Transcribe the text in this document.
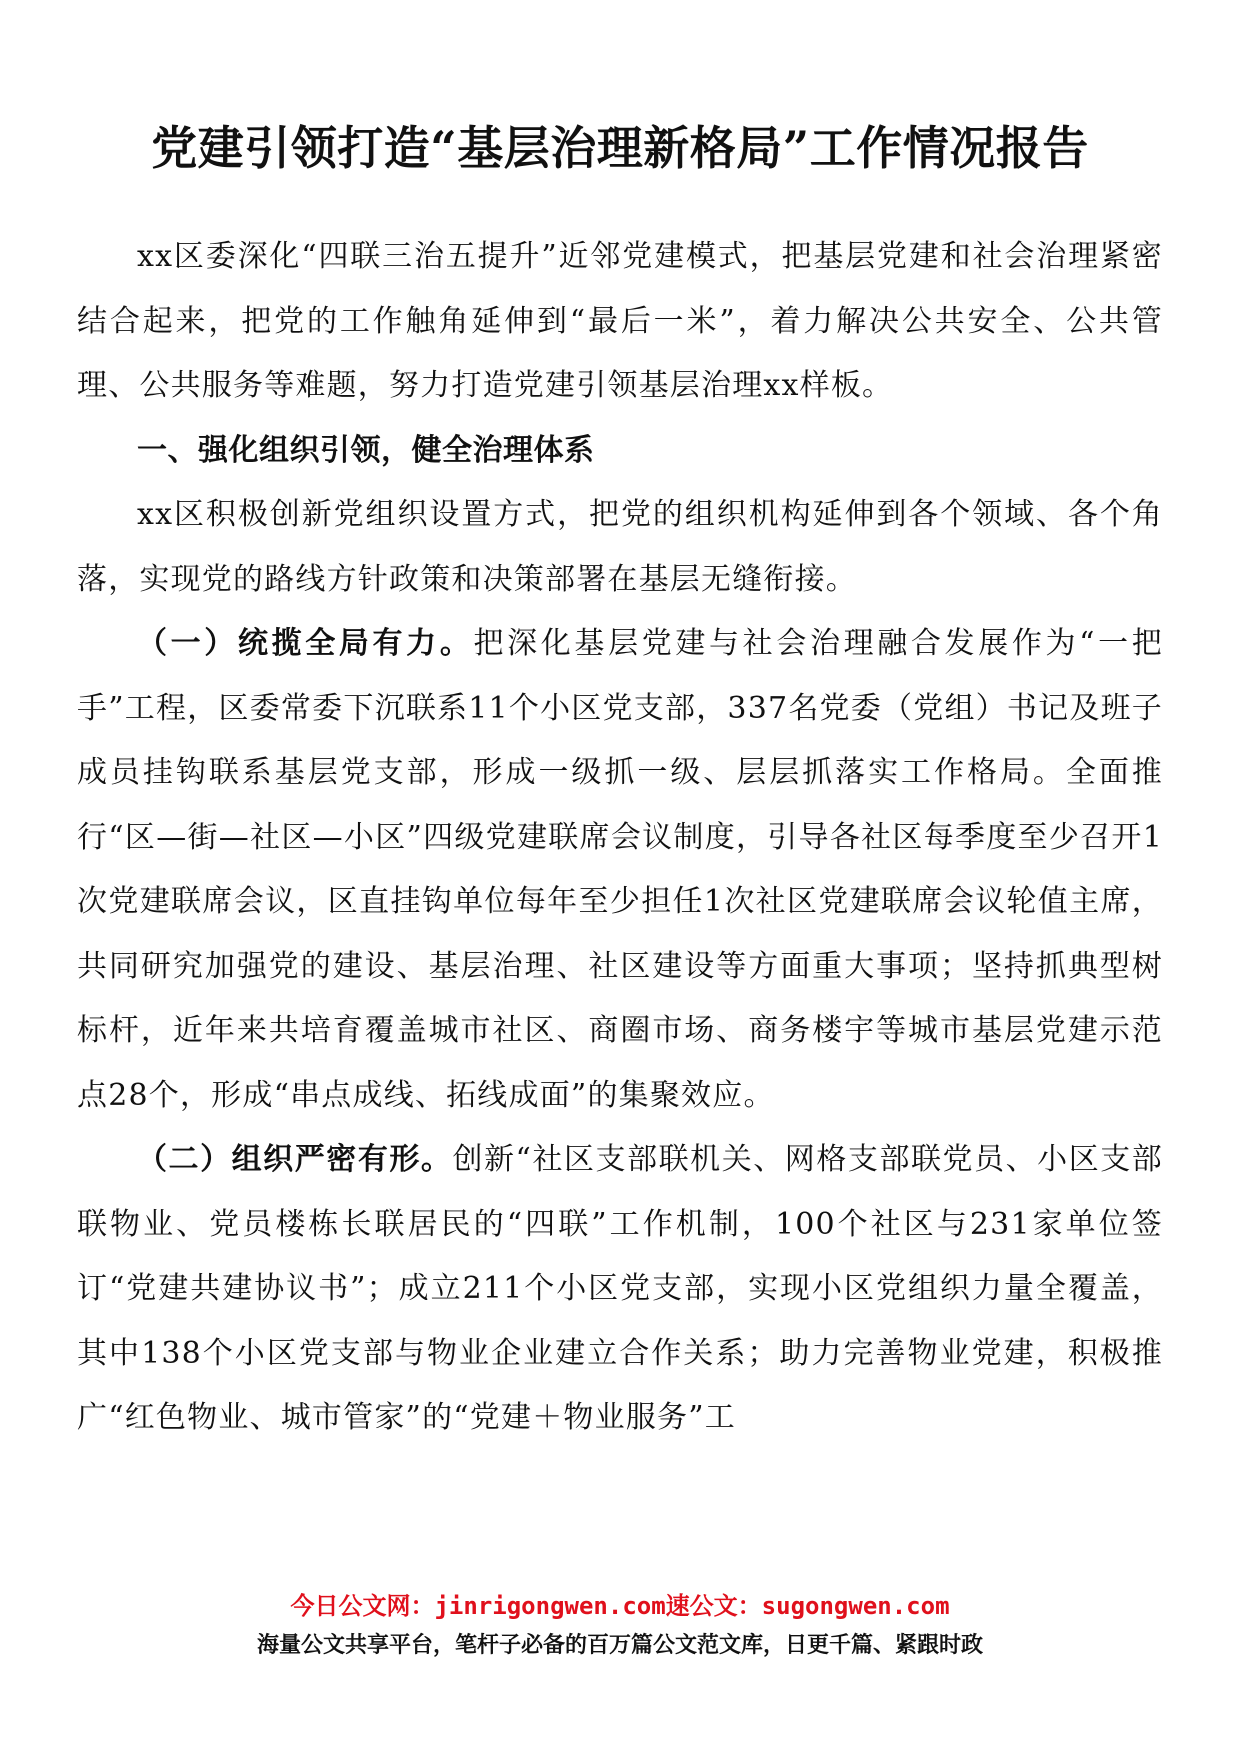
党建引领打造“基层治理新格局”工作情况报告

xx区委深化“四联三治五提升”近邻党建模式，把基层党建和社会治理紧密结合起来，把党的工作触角延伸到“最后一米”，着力解决公共安全、公共管理、公共服务等难题，努力打造党建引领基层治理xx样板。

一、强化组织引领，健全治理体系

xx区积极创新党组织设置方式，把党的组织机构延伸到各个领域、各个角落，实现党的路线方针政策和决策部署在基层无缝衔接。

（一）统揽全局有力。把深化基层党建与社会治理融合发展作为“一把手”工程，区委常委下沉联系11个小区党支部，337名党委（党组）书记及班子成员挂钩联系基层党支部，形成一级抓一级、层层抓落实工作格局。全面推行“区—街—社区—小区”四级党建联席会议制度，引导各社区每季度至少召开1次党建联席会议，区直挂钩单位每年至少担任1次社区党建联席会议轮值主席，共同研究加强党的建设、基层治理、社区建设等方面重大事项；坚持抓典型树标杆，近年来共培育覆盖城市社区、商圈市场、商务楼宇等城市基层党建示范点28个，形成“串点成线、拓线成面”的集聚效应。

（二）组织严密有形。创新“社区支部联机关、网格支部联党员、小区支部联物业、党员楼栋长联居民的“四联”工作机制，100个社区与231家单位签订“党建共建协议书”；成立211个小区党支部，实现小区党组织力量全覆盖，其中138个小区党支部与物业企业建立合作关系；助力完善物业党建，积极推广“红色物业、城市管家”的“党建＋物业服务”工

今日公文网：jinrigongwen.com速公文：sugongwen.com
海量公文共享平台，笔杆子必备的百万篇公文范文库，日更千篇、紧跟时政
